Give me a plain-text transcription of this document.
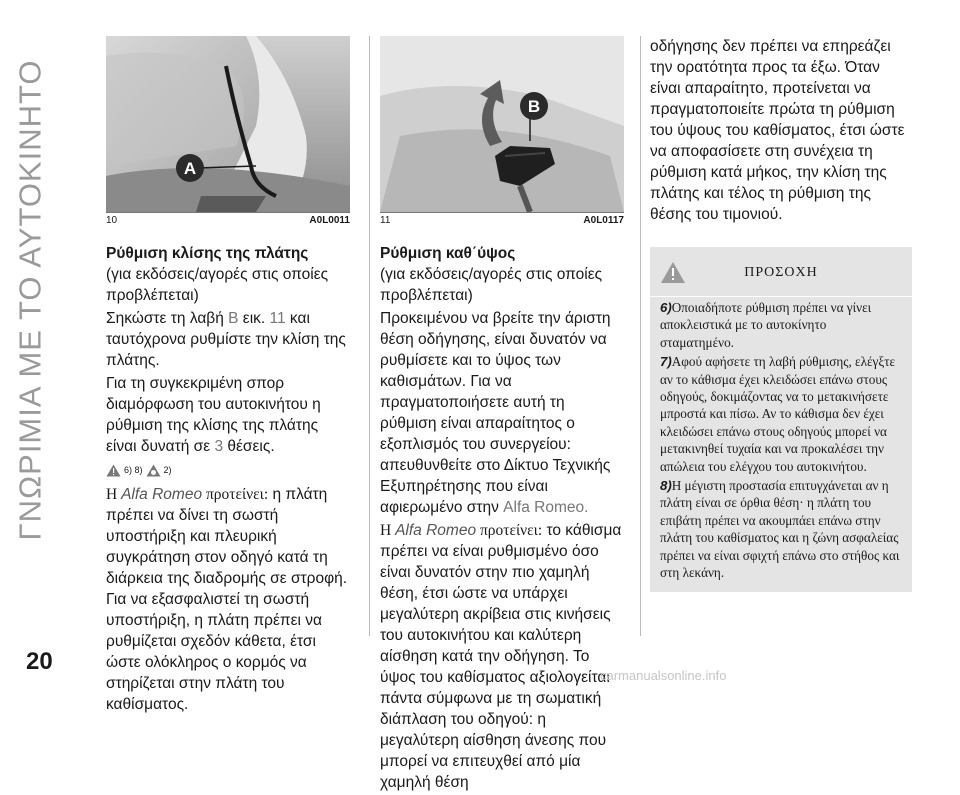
ΓΝΩΡΙΜΙΑ ΜΕ ΤΟ ΑΥΤΟΚΙΝΗΤΟ	A
10	A0L0011
Ρύθμιση κλίσης της πλάτης

(για εκδόσεις/αγορές στις οποίες προβλέπεται)

Σηκώστε τη λαβή B εικ. 11 και ταυτόχρονα ρυθμίστε την κλίση της πλάτης.

Για τη συγκεκριμένη σπορ διαμόρφωση του αυτοκινήτου η ρύθμιση της κλίσης της πλάτης είναι δυνατή σε 3 θέσεις.

6) 8) 2)

Η Alfa Romeo προτείνει: η πλάτη πρέπει να δίνει τη σωστή υποστήριξη και πλευρική συγκράτηση στον οδηγό κατά τη διάρκεια της διαδρομής σε στροφή. Για να εξασφαλιστεί τη σωστή υποστήριξη, η πλάτη πρέπει να ρυθμίζεται σχεδόν κάθετα, έτσι ώστε ολόκληρος ο κορμός να στηρίζεται στην πλάτη του καθίσματος.

B
11	A0L0117
Ρύθμιση καθ΄ύψος

(για εκδόσεις/αγορές στις οποίες προβλέπεται)

Προκειμένου να βρείτε την άριστη θέση οδήγησης, είναι δυνατόν να ρυθμίσετε και το ύψος των καθισμάτων. Για να πραγματοποιήσετε αυτή τη ρύθμιση είναι απαραίτητος ο εξοπλισμός του συνεργείου: απευθυνθείτε στο Δίκτυο Τεχνικής Εξυπηρέτησης που είναι αφιερωμένο στην Alfa Romeo.

Η Alfa Romeo προτείνει: το κάθισμα πρέπει να είναι ρυθμισμένο όσο είναι δυνατόν στην πιο χαμηλή θέση, έτσι ώστε να υπάρχει μεγαλύτερη ακρίβεια στις κινήσεις του αυτοκινήτου και καλύτερη αίσθηση κατά την οδήγηση. Το ύψος του καθίσματος αξιολογείται πάντα σύμφωνα με τη σωματική διάπλαση του οδηγού: η μεγαλύτερη αίσθηση άνεσης που μπορεί να επιτευχθεί από μία χαμηλή θέση

οδήγησης δεν πρέπει να επηρεάζει την ορατότητα προς τα έξω. Όταν είναι απαραίτητο, προτείνεται να πραγματοποιείτε πρώτα τη ρύθμιση του ύψους του καθίσματος, έτσι ώστε να αποφασίσετε στη συνέχεια τη ρύθμιση κατά μήκος, την κλίση της πλάτης και τέλος τη ρύθμιση της θέσης του τιμονιού.

ΠΡΟΣΟΧΗ
6)Οποιαδήποτε ρύθμιση πρέπει να γίνει αποκλειστικά με το αυτοκίνητο σταματημένο.
7)Αφού αφήσετε τη λαβή ρύθμισης, ελέγξτε αν το κάθισμα έχει κλειδώσει επάνω στους οδηγούς, δοκιμάζοντας να το μετακινήσετε μπροστά και πίσω. Αν το κάθισμα δεν έχει κλειδώσει επάνω στους οδηγούς μπορεί να μετακινηθεί τυχαία και να προκαλέσει την απώλεια του ελέγχου του αυτοκινήτου.
8)Η μέγιστη προστασία επιτυγχάνεται αν η πλάτη είναι σε όρθια θέση· η πλάτη του επιβάτη πρέπει να ακουμπάει επάνω στην πλάτη του καθίσματος και η ζώνη ασφαλείας πρέπει να είναι σφιχτή επάνω στο στήθος και στη λεκάνη.
20
carmanualsonline.info
